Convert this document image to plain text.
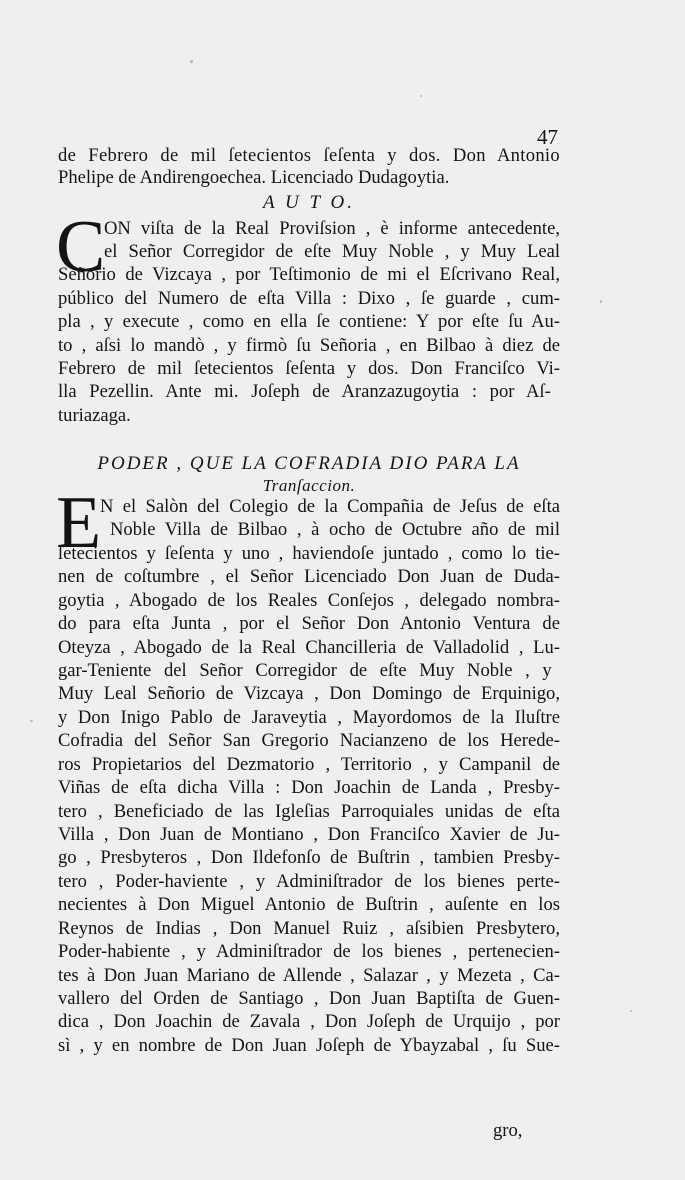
47
de Febrero de mil ſetecientos ſeſenta y dos. Don Antonio
Phelipe de Andirengoechea. Licenciado Dudagoytia.
A U T O.
C
ON viſta de la Real Proviſsion , è informe antecedente,
el Señor Corregidor de eſte Muy Noble , y Muy Leal
Señorio de Vizcaya , por Teſtimonio de mi el Eſcrivano Real,
público del Numero de eſta Villa : Dixo , ſe guarde , cum-
pla , y execute , como en ella ſe contiene: Y por eſte ſu Au-
to , aſsi lo mandò , y firmò ſu Señoria , en Bilbao à diez de
Febrero de mil ſetecientos ſeſenta y dos. Don Franciſco Vi-
lla Pezellin. Ante mi. Joſeph de Aranzazugoytia : por Aſ-
turiazaga.
PODER , QUE LA COFRADIA DIO PARA LA
Tranſaccion.
E
N el Salòn del Colegio de la Compañia de Jeſus de eſta
Noble Villa de Bilbao , à ocho de Octubre año de mil
ſetecientos y ſeſenta y uno , haviendoſe juntado , como lo tie-
nen de coſtumbre , el Señor Licenciado Don Juan de Duda-
goytia , Abogado de los Reales Conſejos , delegado nombra-
do para eſta Junta , por el Señor Don Antonio Ventura de
Oteyza , Abogado de la Real Chancilleria de Valladolid , Lu-
gar-Teniente del Señor Corregidor de eſte Muy Noble , y
Muy Leal Señorio de Vizcaya , Don Domingo de Erquinigo,
y Don Inigo Pablo de Jaraveytia , Mayordomos de la Iluſtre
Cofradia del Señor San Gregorio Nacianzeno de los Herede-
ros Propietarios del Dezmatorio , Territorio , y Campanil de
Viñas de eſta dicha Villa : Don Joachin de Landa , Presby-
tero , Beneficiado de las Igleſias Parroquiales unidas de eſta
Villa , Don Juan de Montiano , Don Franciſco Xavier de Ju-
go , Presbyteros , Don Ildefonſo de Buſtrin , tambien Presby-
tero , Poder-haviente , y Adminiſtrador de los bienes perte-
necientes à Don Miguel Antonio de Buſtrin , auſente en los
Reynos de Indias , Don Manuel Ruiz , aſsibien Presbytero,
Poder-habiente , y Adminiſtrador de los bienes , pertenecien-
tes à Don Juan Mariano de Allende , Salazar , y Mezeta , Ca-
vallero del Orden de Santiago , Don Juan Baptiſta de Guen-
dica , Don Joachin de Zavala , Don Joſeph de Urquijo , por
sì , y en nombre de Don Juan Joſeph de Ybayzabal , ſu Sue-
gro,
